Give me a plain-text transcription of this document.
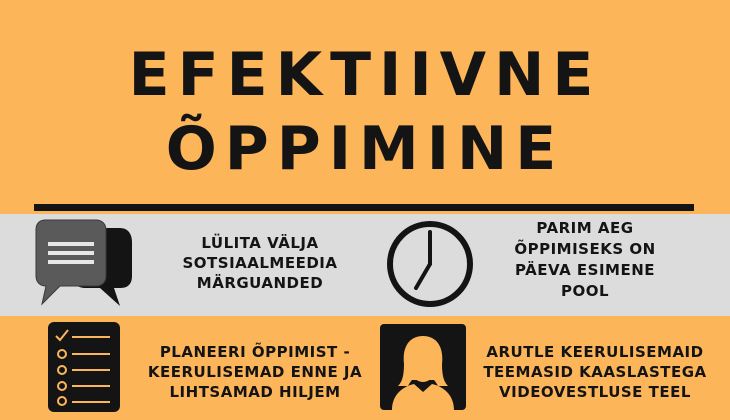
EFEKTIIVNE
ÕPPIMINE
LÜLITA VÄLJA
SOTSIAALMEEDIA
MÄRGUANDED
PARIM AEG
ÕPPIMISEKS ON
PÄEVA ESIMENE
POOL
PLANEERI ÕPPIMIST -
KEERULISEMAD ENNE JA
LIHTSAMAD HILJEM
ARUTLE KEERULISEMAID
TEEMASID KAASLASTEGA
VIDEOVESTLUSE TEEL
